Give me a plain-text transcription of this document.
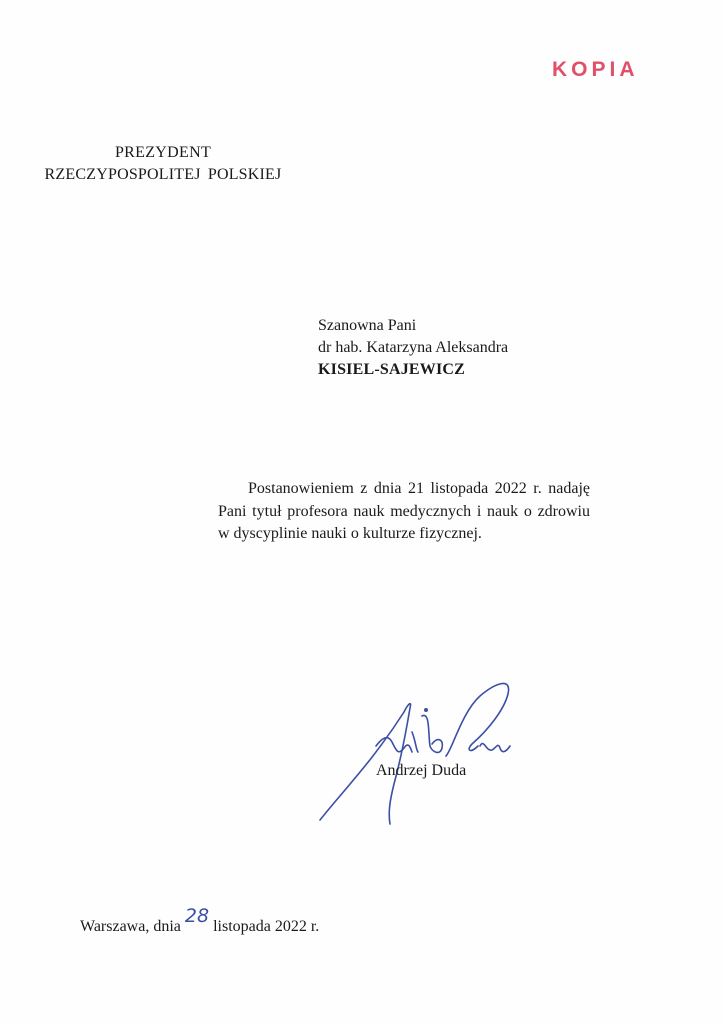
KOPIA
PREZYDENT
RZECZYPOSPOLITEJ POLSKIEJ
Szanowna Pani
dr hab. Katarzyna Aleksandra
KISIEL-SAJEWICZ

Postanowieniem z dnia 21 listopada 2022 r. nadaję Pani tytuł profesora nauk medycznych i nauk o zdrowiu w dyscyplinie nauki o kulturze fizycznej.

Andrzej Duda
Warszawa, dnia 28 listopada 2022 r.
